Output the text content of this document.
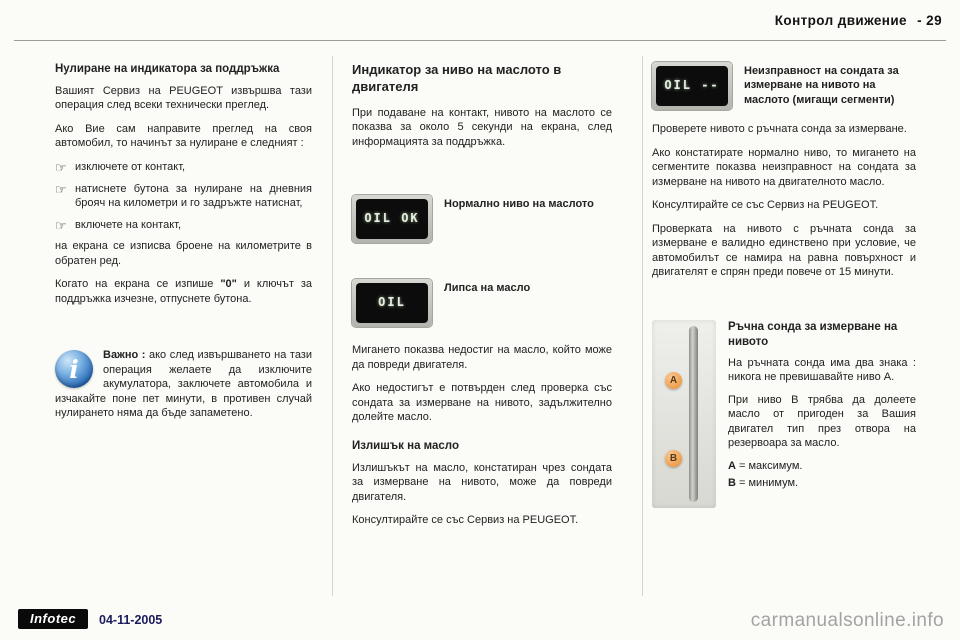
Контрол движение - 29
Нулиране на индикатора за поддръжка

Вашият Сервиз на PEUGEOT извършва тази операция след всеки технически преглед.

Ако Вие сам направите преглед на своя автомобил, то начинът за нулиране е следният :

☞ изключете от контакт,
☞ натиснете бутона за нулиране на дневния брояч на километри и го задръжте натиснат,
☞ включете на контакт,

на екрана се изписва броене на километрите в обратен ред.

Когато на екрана се изпише "0" и ключът за поддръжка изчезне, отпуснете бутона.

i	Важно : ако след извършването на тази операция желаете да изключите акумулатора, заключете автомобила и изчакайте поне пет минути, в противен случай нулирането няма да бъде запаметено.

Индикатор за ниво на маслото в двигателя

При подаване на контакт, нивото на маслото се показва за около 5 секунди на екрана, след информацията за поддръжка.

OIL OK
Нормално ниво на маслото
OIL
Липса на масло

Мигането показва недостиг на масло, който може да повреди двигателя.

Ако недостигът е потвърден след проверка със сондата за измерване на нивото, задължително долейте масло.

Излишък на масло

Излишъкът на масло, констатиран чрез сондата за измерване на нивото, може да повреди двигателя.

Консултирайте се със Сервиз на PEUGEOT.

OIL --
Неизправност на сондата за измерване на нивото на маслото (мигащи сегменти)

Проверете нивото с ръчната сонда за измерване.

Ако констатирате нормално ниво, то мигането на сегментите показва неизправност на сондата за измерване на нивото на двигателното масло.

Консултирайте се със Сервиз на PEUGEOT.

Проверката на нивото с ръчната сонда за измерване е валидно единствено при условие, че автомобилът се намира на равна повърхност и двигателят е спрян преди повече от 15 минути.

A
B
Ръчна сонда за измерване на нивото

На ръчната сонда има два знака : никога не превишавайте ниво А.

При ниво В трябва да долеете масло от пригоден за Вашия двигател тип през отвора на резервоара за масло.

А = максимум.

В = минимум.

Infotec	04-11-2005	carmanualsonline.info
